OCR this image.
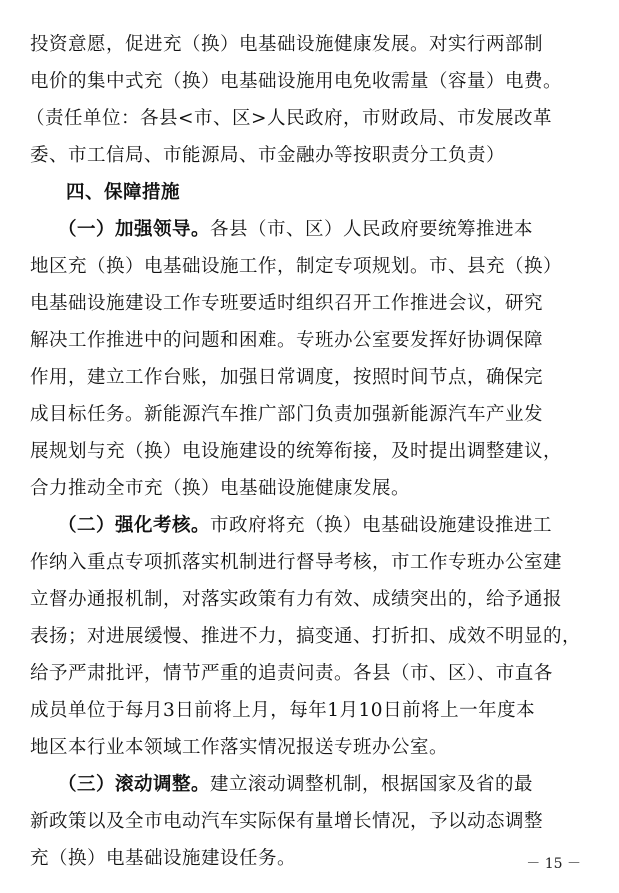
投资意愿，促进充（换）电基础设施健康发展。对实行两部制
电价的集中式充（换）电基础设施用电免收需量（容量）电费。
（责任单位：各县<市、区>人民政府，市财政局、市发展改革
委、市工信局、市能源局、市金融办等按职责分工负责）
四、保障措施
（一）加强领导。各县（市、区）人民政府要统筹推进本
地区充（换）电基础设施工作，制定专项规划。市、县充（换）
电基础设施建设工作专班要适时组织召开工作推进会议，研究
解决工作推进中的问题和困难。专班办公室要发挥好协调保障
作用，建立工作台账，加强日常调度，按照时间节点，确保完
成目标任务。新能源汽车推广部门负责加强新能源汽车产业发
展规划与充（换）电设施建设的统筹衔接，及时提出调整建议，
合力推动全市充（换）电基础设施健康发展。
（二）强化考核。市政府将充（换）电基础设施建设推进工
作纳入重点专项抓落实机制进行督导考核，市工作专班办公室建
立督办通报机制，对落实政策有力有效、成绩突出的，给予通报
表扬；对进展缓慢、推进不力，搞变通、打折扣、成效不明显的，
给予严肃批评，情节严重的追责问责。各县（市、区）、市直各
成员单位于每月3日前将上月，每年1月10日前将上一年度本
地区本行业本领域工作落实情况报送专班办公室。
（三）滚动调整。建立滚动调整机制，根据国家及省的最
新政策以及全市电动汽车实际保有量增长情况，予以动态调整
充（换）电基础设施建设任务。	－ 15 －
